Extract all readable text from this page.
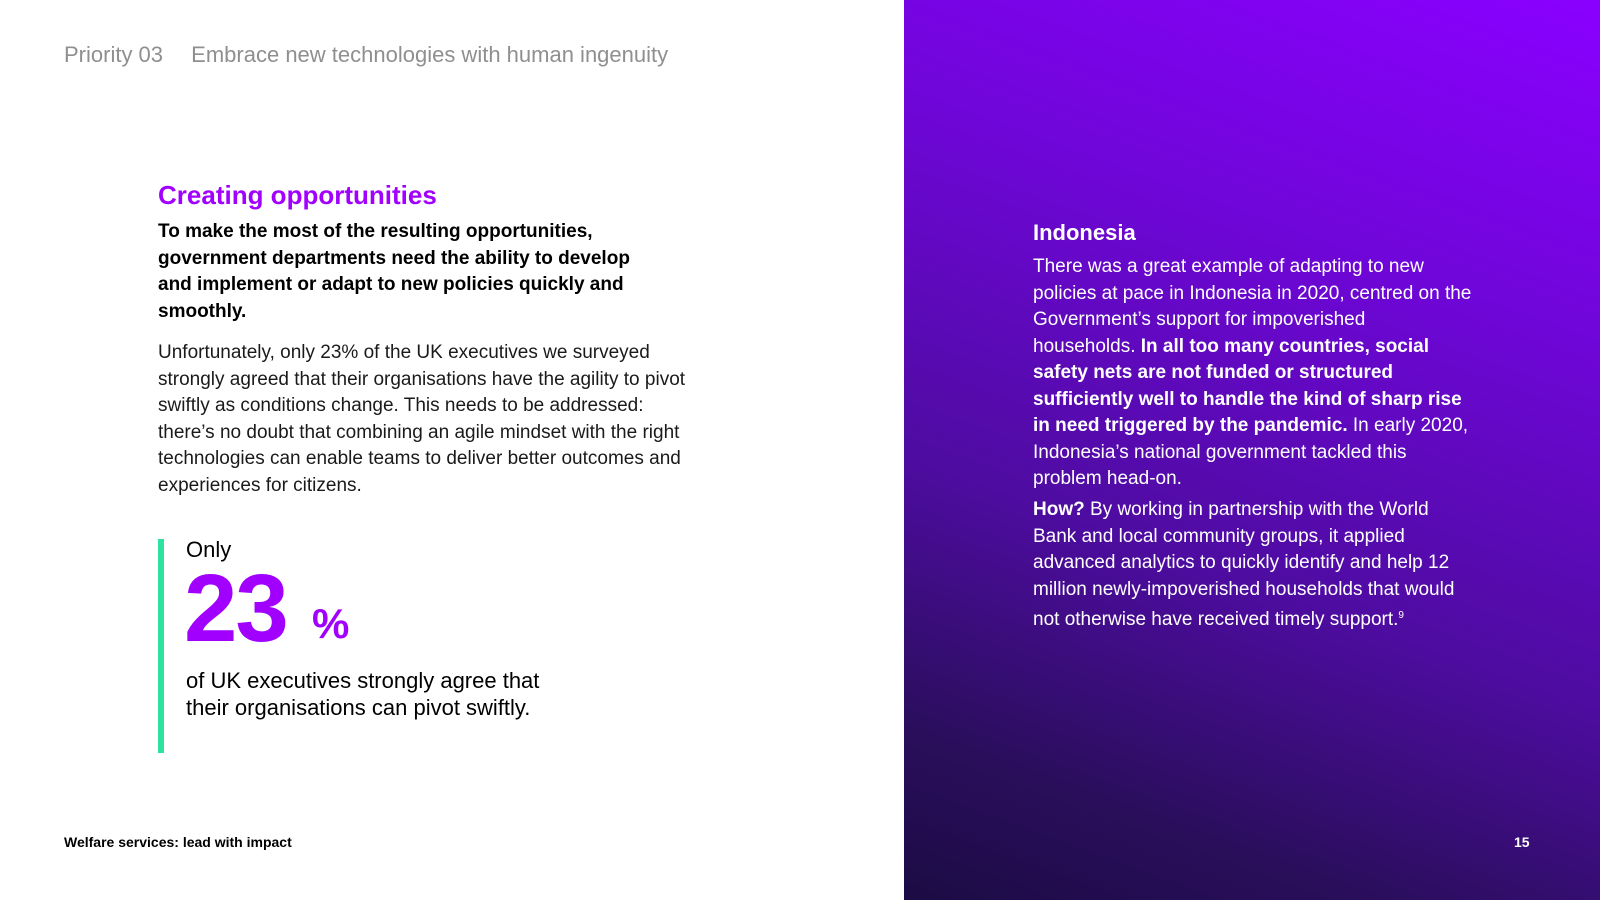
Priority 03 Embrace new technologies with human ingenuity
Creating opportunities

To make the most of the resulting opportunities, government departments need the ability to develop and implement or adapt to new policies quickly and smoothly.

Unfortunately, only 23% of the UK executives we surveyed strongly agreed that their organisations have the agility to pivot swiftly as conditions change. This needs to be addressed: there’s no doubt that combining an agile mindset with the right technologies can enable teams to deliver better outcomes and experiences for citizens.

Only
23 %
of UK executives strongly agree that their organisations can pivot swiftly.
Welfare services: lead with impact
Indonesia

There was a great example of adapting to new policies at pace in Indonesia in 2020, centred on the Government’s support for impoverished households. In all too many countries, social safety nets are not funded or structured sufficiently well to handle the kind of sharp rise in need triggered by the pandemic. In early 2020, Indonesia’s national government tackled this problem head-on.

How? By working in partnership with the World Bank and local community groups, it applied advanced analytics to quickly identify and help 12 million newly-impoverished households that would not otherwise have received timely support.$^9$

15
